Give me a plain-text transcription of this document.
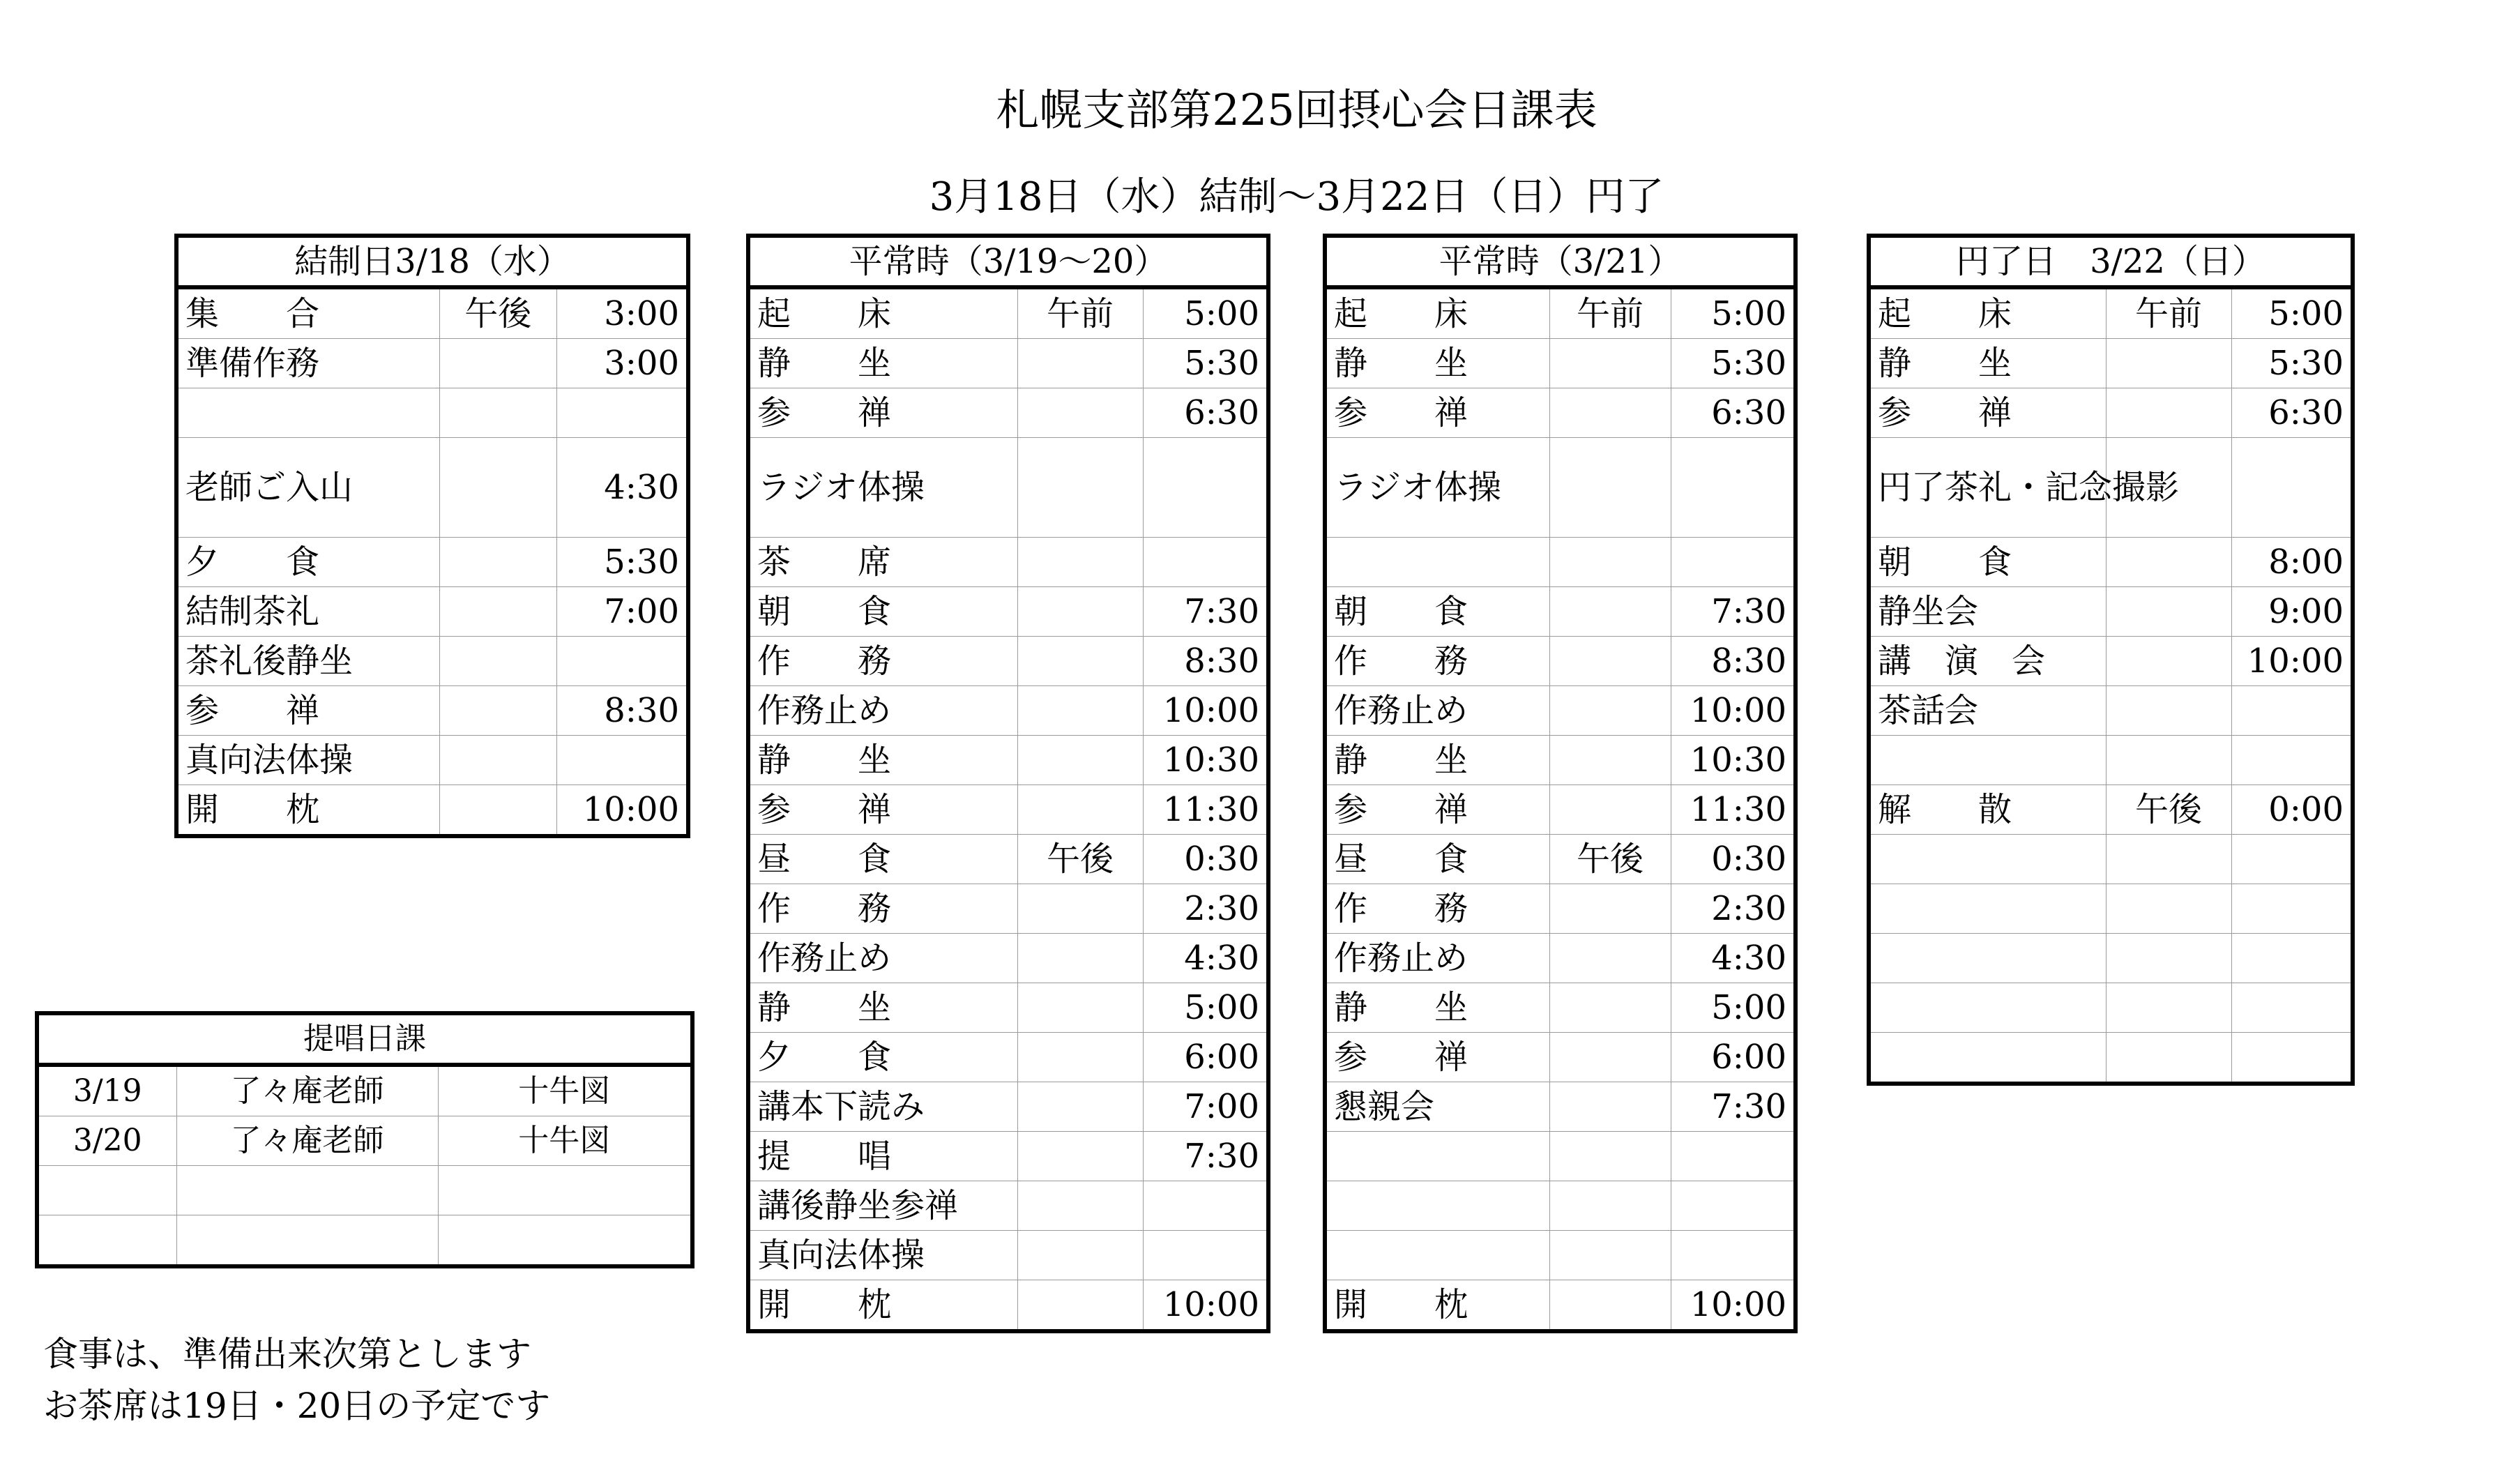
札幌支部第225回摂心会日課表
3月18日（水）結制～3月22日（日）円了
結制日3/18（水）		
集　　合	午後	3:00
準備作務		3:00

老師ご入山		4:30
夕　　食		5:30
結制茶礼		7:00
茶礼後静坐		
参　　禅		8:30
真向法体操		
開　　枕		10:00
平常時（3/19～20）		
起　　床	午前	5:00
静　　坐		5:30
参　　禅		6:30
ラジオ体操		
茶　　席		
朝　　食		7:30
作　　務		8:30
作務止め		10:00
静　　坐		10:30
参　　禅		11:30
昼　　食	午後	0:30
作　　務		2:30
作務止め		4:30
静　　坐		5:00
夕　　食		6:00
講本下読み		7:00
提　　唱		7:30
講後静坐参禅		
真向法体操		
開　　枕		10:00
平常時（3/21）		
起　　床	午前	5:00
静　　坐		5:30
参　　禅		6:30
ラジオ体操		

朝　　食		7:30
作　　務		8:30
作務止め		10:00
静　　坐		10:30
参　　禅		11:30
昼　　食	午後	0:30
作　　務		2:30
作務止め		4:30
静　　坐		5:00
参　　禅		6:00
懇親会		7:30

開　　枕		10:00
円了日　3/22（日）		
起　　床	午前	5:00
静　　坐		5:30
参　　禅		6:30
円了茶礼・記念撮影		
朝　　食		8:00
静坐会		9:00
講　演　会		10:00
茶話会		

解　　散	午後	0:00

提唱日課		
3/19	了々庵老師	十牛図
3/20	了々庵老師	十牛図

食事は、準備出来次第とします
お茶席は19日・20日の予定です
